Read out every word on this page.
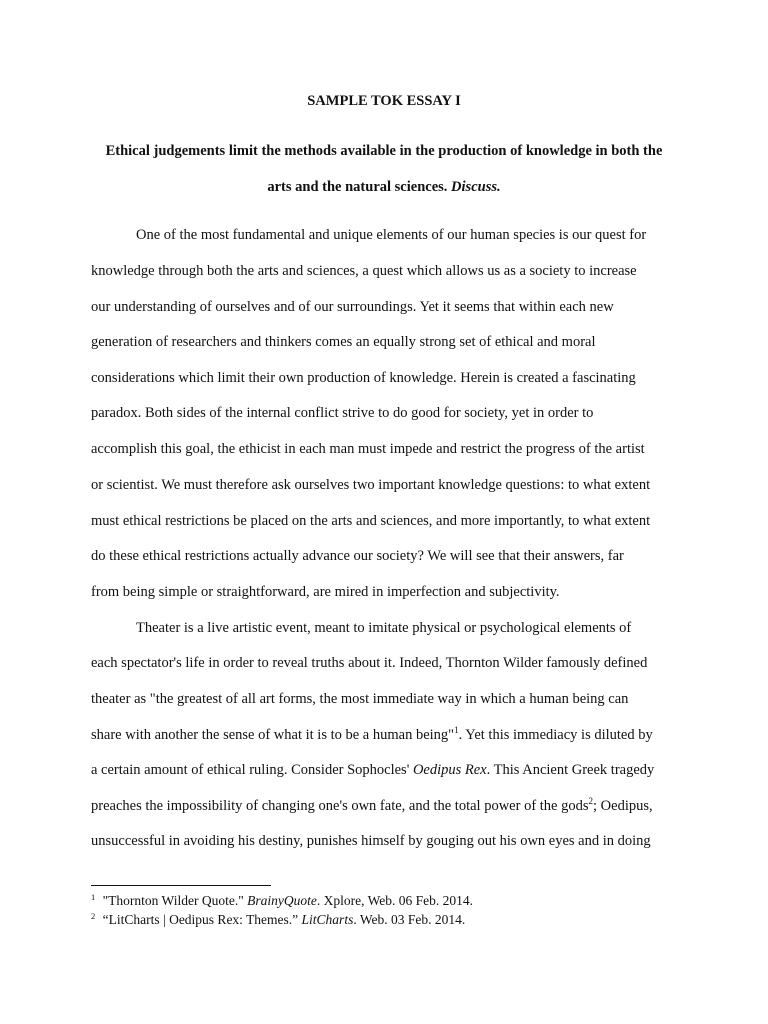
SAMPLE TOK ESSAY I
Ethical judgements limit the methods available in the production of knowledge in both the
arts and the natural sciences. Discuss.
One of the most fundamental and unique elements of our human species is our quest for
knowledge through both the arts and sciences, a quest which allows us as a society to increase
our understanding of ourselves and of our surroundings. Yet it seems that within each new
generation of researchers and thinkers comes an equally strong set of ethical and moral
considerations which limit their own production of knowledge. Herein is created a fascinating
paradox. Both sides of the internal conflict strive to do good for society, yet in order to
accomplish this goal, the ethicist in each man must impede and restrict the progress of the artist
or scientist. We must therefore ask ourselves two important knowledge questions: to what extent
must ethical restrictions be placed on the arts and sciences, and more importantly, to what extent
do these ethical restrictions actually advance our society? We will see that their answers, far
from being simple or straightforward, are mired in imperfection and subjectivity.
Theater is a live artistic event, meant to imitate physical or psychological elements of
each spectator's life in order to reveal truths about it. Indeed, Thornton Wilder famously defined
theater as "the greatest of all art forms, the most immediate way in which a human being can
share with another the sense of what it is to be a human being"$^1$. Yet this immediacy is diluted by
a certain amount of ethical ruling. Consider Sophocles' Oedipus Rex. This Ancient Greek tragedy
preaches the impossibility of changing one's own fate, and the total power of the gods$^2$; Oedipus,
unsuccessful in avoiding his destiny, punishes himself by gouging out his own eyes and in doing
$^1$ "Thornton Wilder Quote." BrainyQuote. Xplore, Web. 06 Feb. 2014.
$^2$ “LitCharts | Oedipus Rex: Themes.” LitCharts. Web. 03 Feb. 2014.
